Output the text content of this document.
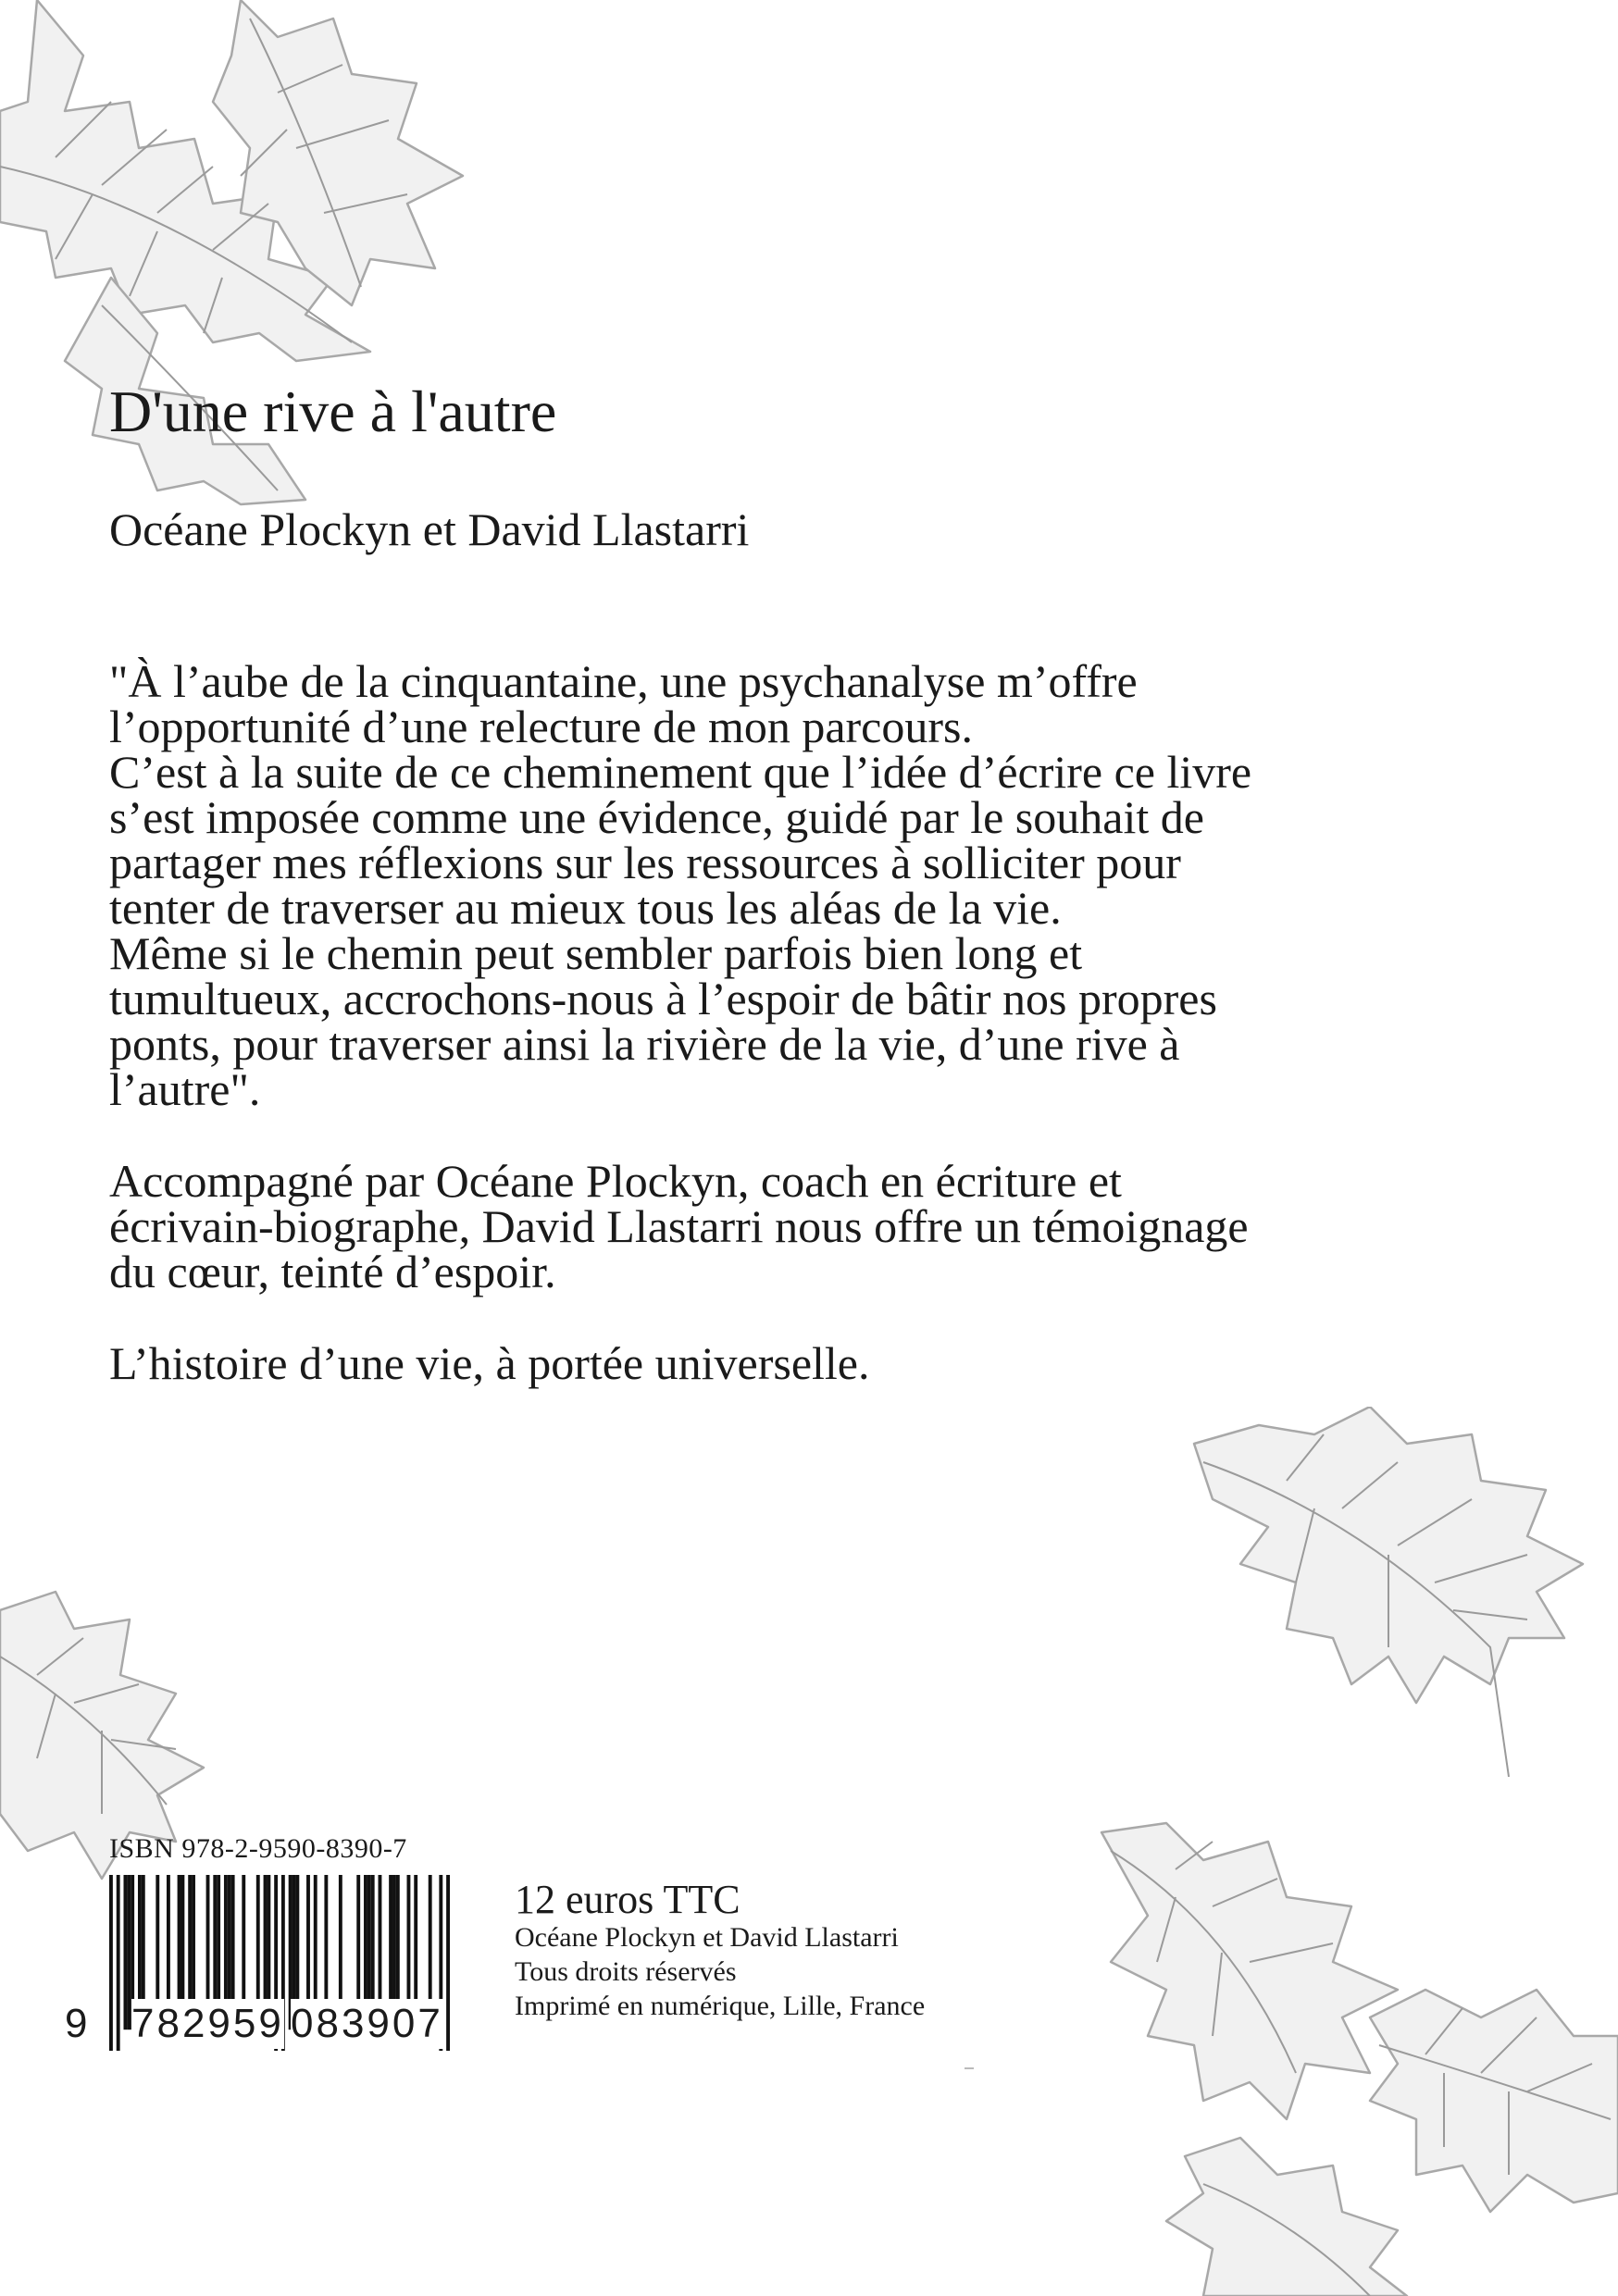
D'une rive à l'autre
Océane Plockyn et David Llastarri

"À l’aube de la cinquantaine, une psychanalyse m’offre l’opportunité d’une relecture de mon parcours.

C’est à la suite de ce cheminement que l’idée d’écrire ce livre s’est imposée comme une évidence, guidé par le souhait de partager mes réflexions sur les ressources à solliciter pour tenter de traverser au mieux tous les aléas de la vie.

Même si le chemin peut sembler parfois bien long et tumultueux, accrochons-nous à l’espoir de bâtir nos propres ponts, pour traverser ainsi la rivière de la vie, d’une rive à l’autre".

Accompagné par Océane Plockyn, coach en écriture et écrivain-biographe, David Llastarri nous offre un témoignage du cœur, teinté d’espoir.

L’histoire d’une vie, à portée universelle.

ISBN 978-2-9590-8390-7
9 782959 083907
12 euros TTC
Océane Plockyn et David Llastarri
Tous droits réservés
Imprimé en numérique, Lille, France
